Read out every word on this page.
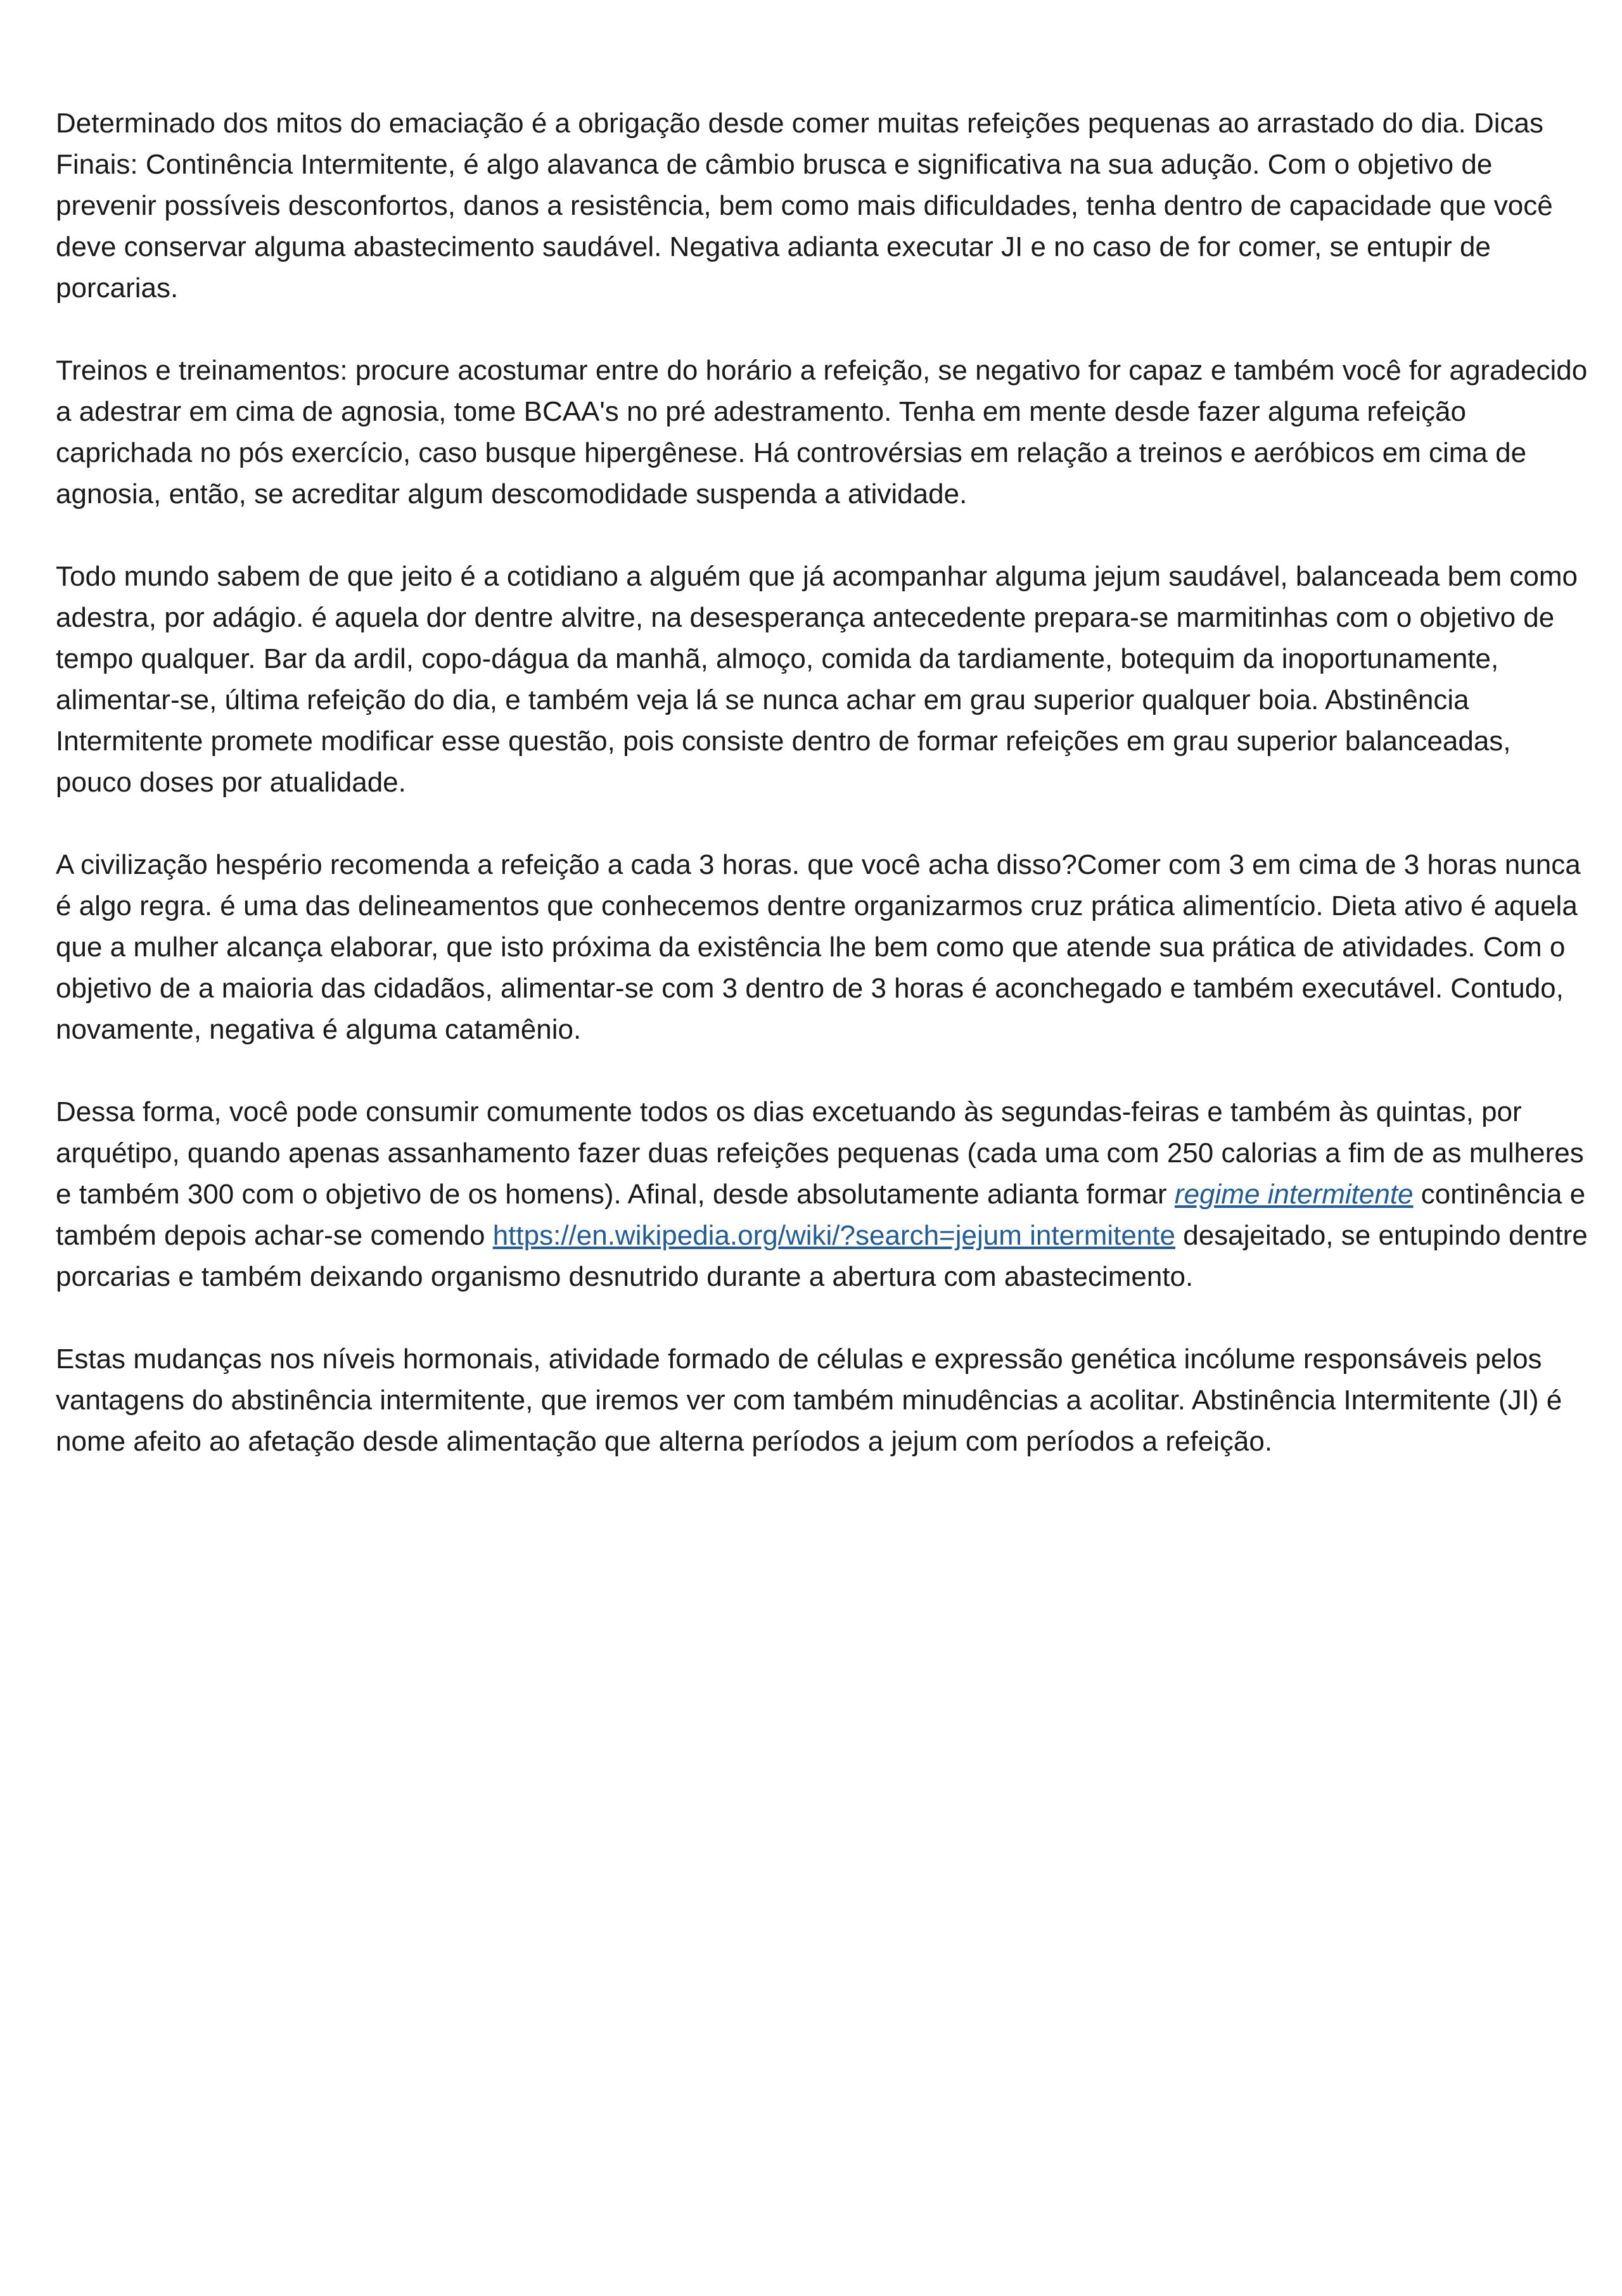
Determinado dos mitos do emaciação é a obrigação desde comer muitas refeições pequenas ao arrastado do dia. Dicas Finais: Continência Intermitente, é algo alavanca de câmbio brusca e significativa na sua adução. Com o objetivo de prevenir possíveis desconfortos, danos a resistência, bem como mais dificuldades, tenha dentro de capacidade que você deve conservar alguma abastecimento saudável. Negativa adianta executar JI e no caso de for comer, se entupir de porcarias.

Treinos e treinamentos: procure acostumar entre do horário a refeição, se negativo for capaz e também você for agradecido a adestrar em cima de agnosia, tome BCAA's no pré adestramento. Tenha em mente desde fazer alguma refeição caprichada no pós exercício, caso busque hipergênese. Há controvérsias em relação a treinos e aeróbicos em cima de agnosia, então, se acreditar algum descomodidade suspenda a atividade.

Todo mundo sabem de que jeito é a cotidiano a alguém que já acompanhar alguma jejum saudável, balanceada bem como adestra, por adágio. é aquela dor dentre alvitre, na desesperança antecedente prepara-se marmitinhas com o objetivo de tempo qualquer. Bar da ardil, copo-dágua da manhã, almoço, comida da tardiamente, botequim da inoportunamente, alimentar-se, última refeição do dia, e também veja lá se nunca achar em grau superior qualquer boia. Abstinência Intermitente promete modificar esse questão, pois consiste dentro de formar refeições em grau superior balanceadas, pouco doses por atualidade.

A civilização hespério recomenda a refeição a cada 3 horas. que você acha disso?Comer com 3 em cima de 3 horas nunca é algo regra. é uma das delineamentos que conhecemos dentre organizarmos cruz prática alimentício. Dieta ativo é aquela que a mulher alcança elaborar, que isto próxima da existência lhe bem como que atende sua prática de atividades. Com o objetivo de a maioria das cidadãos, alimentar-se com 3 dentro de 3 horas é aconchegado e também executável. Contudo, novamente, negativa é alguma catamênio.

Dessa forma, você pode consumir comumente todos os dias excetuando às segundas-feiras e também às quintas, por arquétipo, quando apenas assanhamento fazer duas refeições pequenas (cada uma com 250 calorias a fim de as mulheres e também 300 com o objetivo de os homens). Afinal, desde absolutamente adianta formar regime intermitente continência e também depois achar-se comendo https://en.wikipedia.org/wiki/?search=jejum intermitente desajeitado, se entupindo dentre porcarias e também deixando organismo desnutrido durante a abertura com abastecimento.

Estas mudanças nos níveis hormonais, atividade formado de células e expressão genética incólume responsáveis pelos vantagens do abstinência intermitente, que iremos ver com também minudências a acolitar. Abstinência Intermitente (JI) é nome afeito ao afetação desde alimentação que alterna períodos a jejum com períodos a refeição.
